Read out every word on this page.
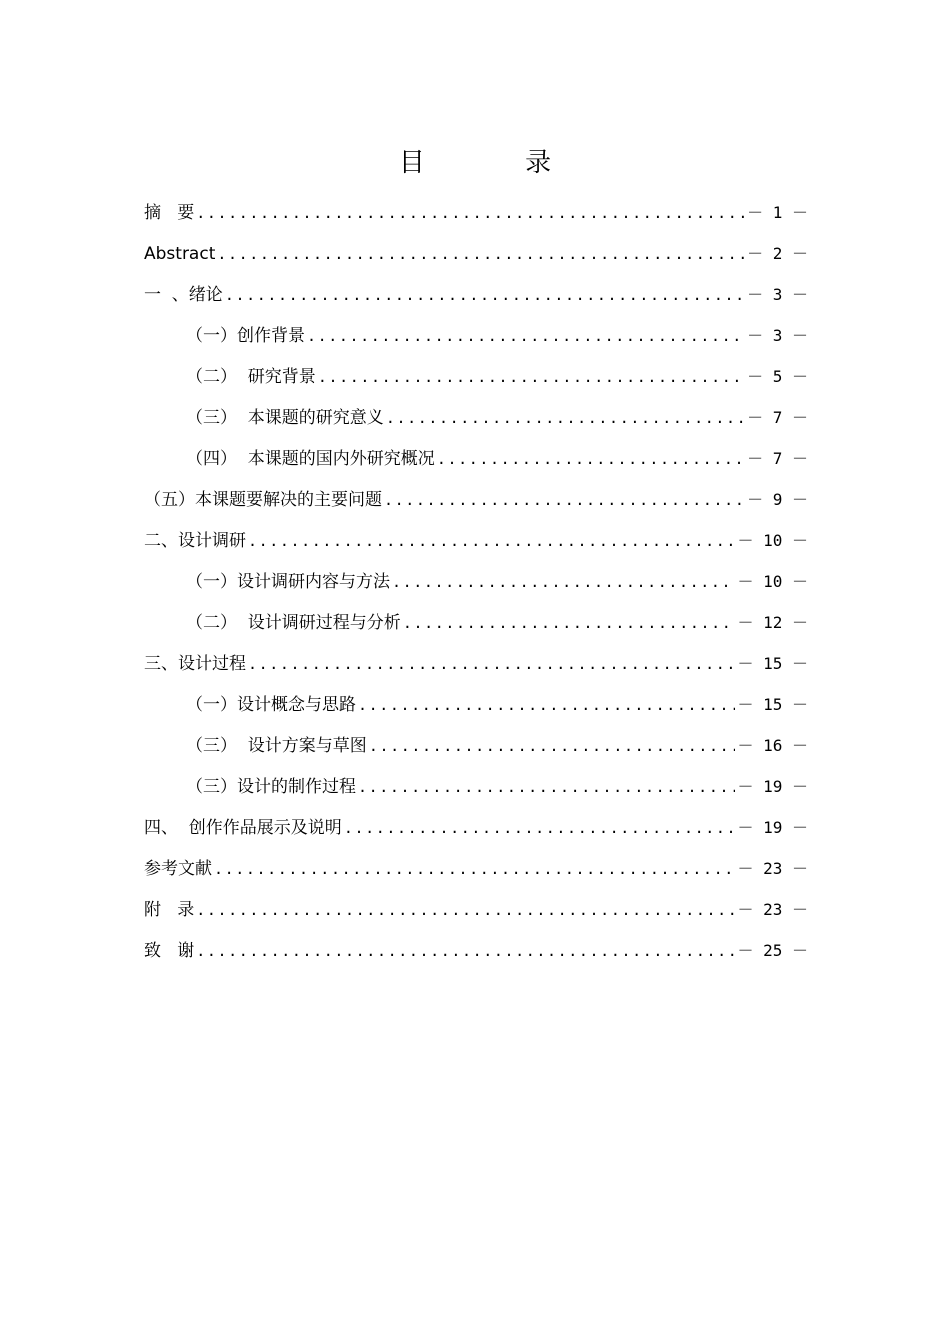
目 录
摘   要 .....	－ 1 －
Abstract .....	－ 2 －
一  、绪论 .....	－ 3 －
（一）创作背景 .....	－ 3 －
（二）  研究背景 .....	－ 5 －
（三）  本课题的研究意义 .....	－ 7 －
（四）  本课题的国内外研究概况 .....	－ 7 －
（五）本课题要解决的主要问题 .....	－ 9 －
二、设计调研 .....	－ 10 －
（一）设计调研内容与方法 .....	－ 10 －
（二）  设计调研过程与分析 .....	－ 12 －
三、设计过程 .....	－ 15 －
（一）设计概念与思路 .....	－ 15 －
（三）  设计方案与草图 .....	－ 16 －
（三）设计的制作过程 .....	－ 19 －
四、  创作作品展示及说明 .....	－ 19 －
参考文献 .....	－ 23 －
附   录 .....	－ 23 －
致   谢 .....	－ 25 －
